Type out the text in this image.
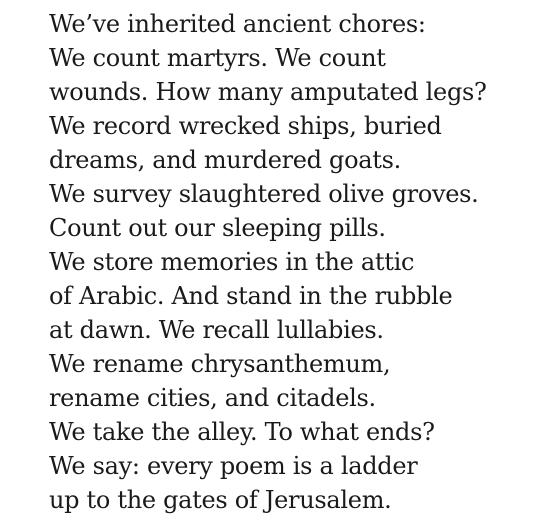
We’ve inherited ancient chores:
We count martyrs. We count
wounds. How many amputated legs?
We record wrecked ships, buried
dreams, and murdered goats.
We survey slaughtered olive groves.
Count out our sleeping pills.
We store memories in the attic
of Arabic. And stand in the rubble
at dawn. We recall lullabies.
We rename chrysanthemum,
rename cities, and citadels.
We take the alley. To what ends?
We say: every poem is a ladder
up to the gates of Jerusalem.
